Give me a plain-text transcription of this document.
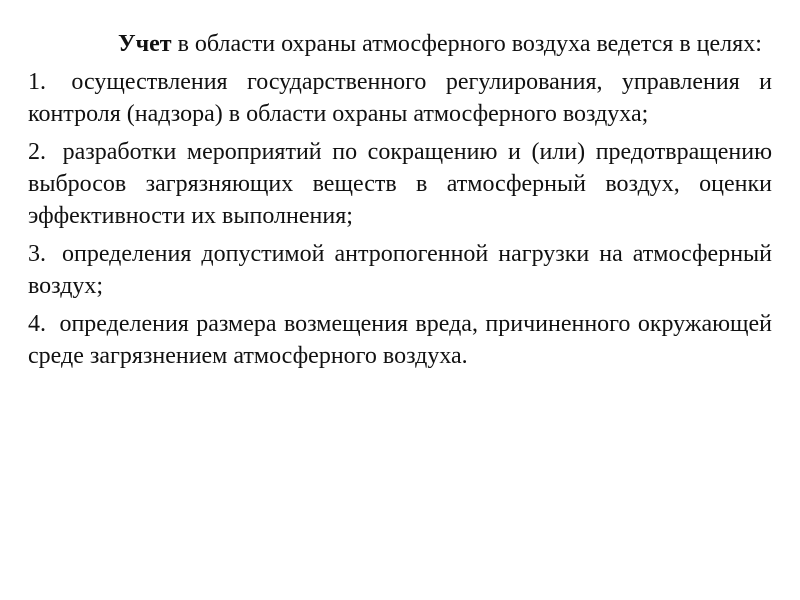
Учет в области охраны атмосферного воздуха ведется в целях:

1. осуществления государственного регулирования, управления и контроля (надзора) в области охраны атмосферного воздуха;

2. разработки мероприятий по сокращению и (или) предотвращению выбросов загрязняющих веществ в атмосферный воздух, оценки эффективности их выполнения;

3. определения допустимой антропогенной нагрузки на атмосферный воздух;

4. определения размера возмещения вреда, причиненного окружающей среде загрязнением атмосферного воздуха.
